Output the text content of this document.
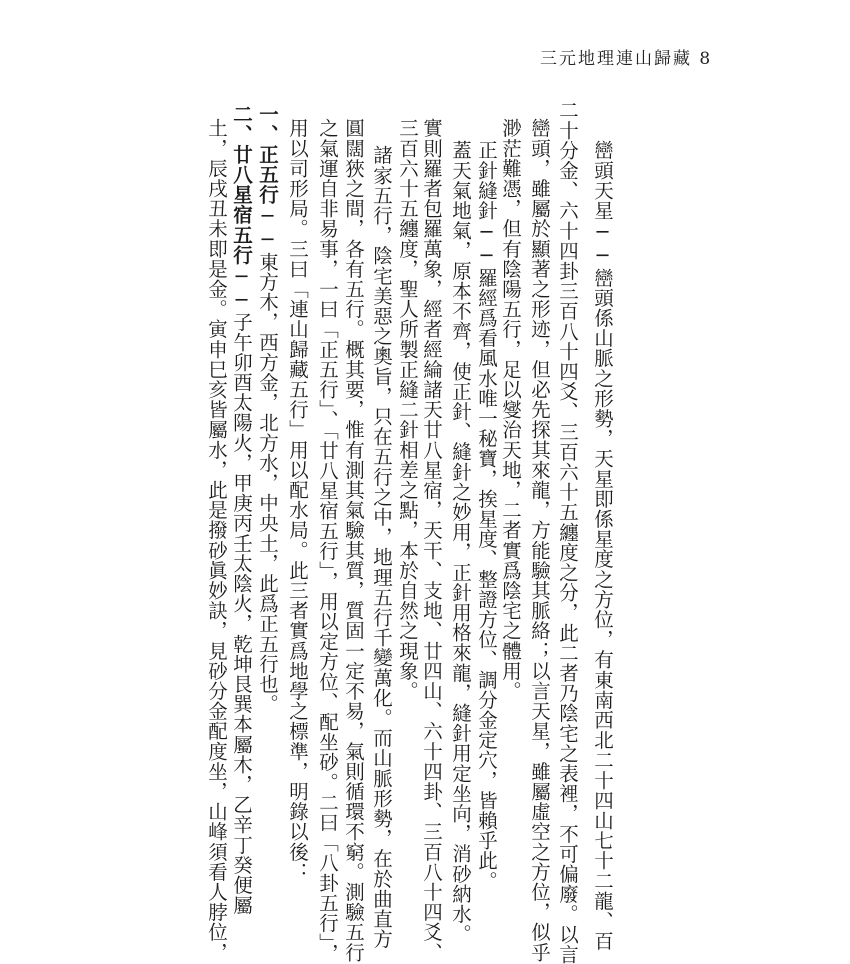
三元地理連山歸藏 8
巒頭天星──巒頭係山脈之形勢，天星即係星度之方位，有東南西北二十四山七十二龍、百
二十分金、六十四卦三百八十四爻、三百六十五纏度之分，此二者乃陰宅之表裡，不可偏廢。以言
巒頭，雖屬於顯著之形迹，但必先探其來龍，方能驗其脈絡；以言天星，雖屬虛空之方位，似乎
渺茫難憑，但有陰陽五行，足以燮治天地，二者實爲陰宅之體用。
正針縫針──羅經爲看風水唯一秘寶，挨星度、整證方位、調分金定穴，皆賴乎此。
蓋天氣地氣，原本不齊，使正針、縫針之妙用，正針用格來龍，縫針用定坐向，消砂納水。
實則羅者包羅萬象，經者經綸諸天廿八星宿，天干、支地、廿四山、六十四卦、三百八十四爻、
三百六十五纏度，聖人所製正縫二針相差之點，本於自然之現象。
諸家五行，陰宅美惡之奧旨，只在五行之中，地理五行千變萬化。而山脈形勢，在於曲直方
圓闊狹之間，各有五行。概其要，惟有測其氣驗其質，質固一定不易，氣則循環不窮。測驗五行
之氣運自非易事，一曰「正五行」、「廿八星宿五行」，用以定方位、配坐砂。二曰「八卦五行」，
用以司形局。三曰「連山歸藏五行」用以配水局。此三者實爲地學之標準，明錄以後：
一、正五行──東方木，西方金，北方水，中央土，此爲正五行也。
二、廿八星宿五行──子午卯酉太陽火，甲庚丙壬太陰火，乾坤艮巽本屬木，乙辛丁癸便屬
土，辰戌丑未即是金。寅申巳亥皆屬水，此是撥砂眞妙訣，見砂分金配度坐，山峰須看人脖位，
